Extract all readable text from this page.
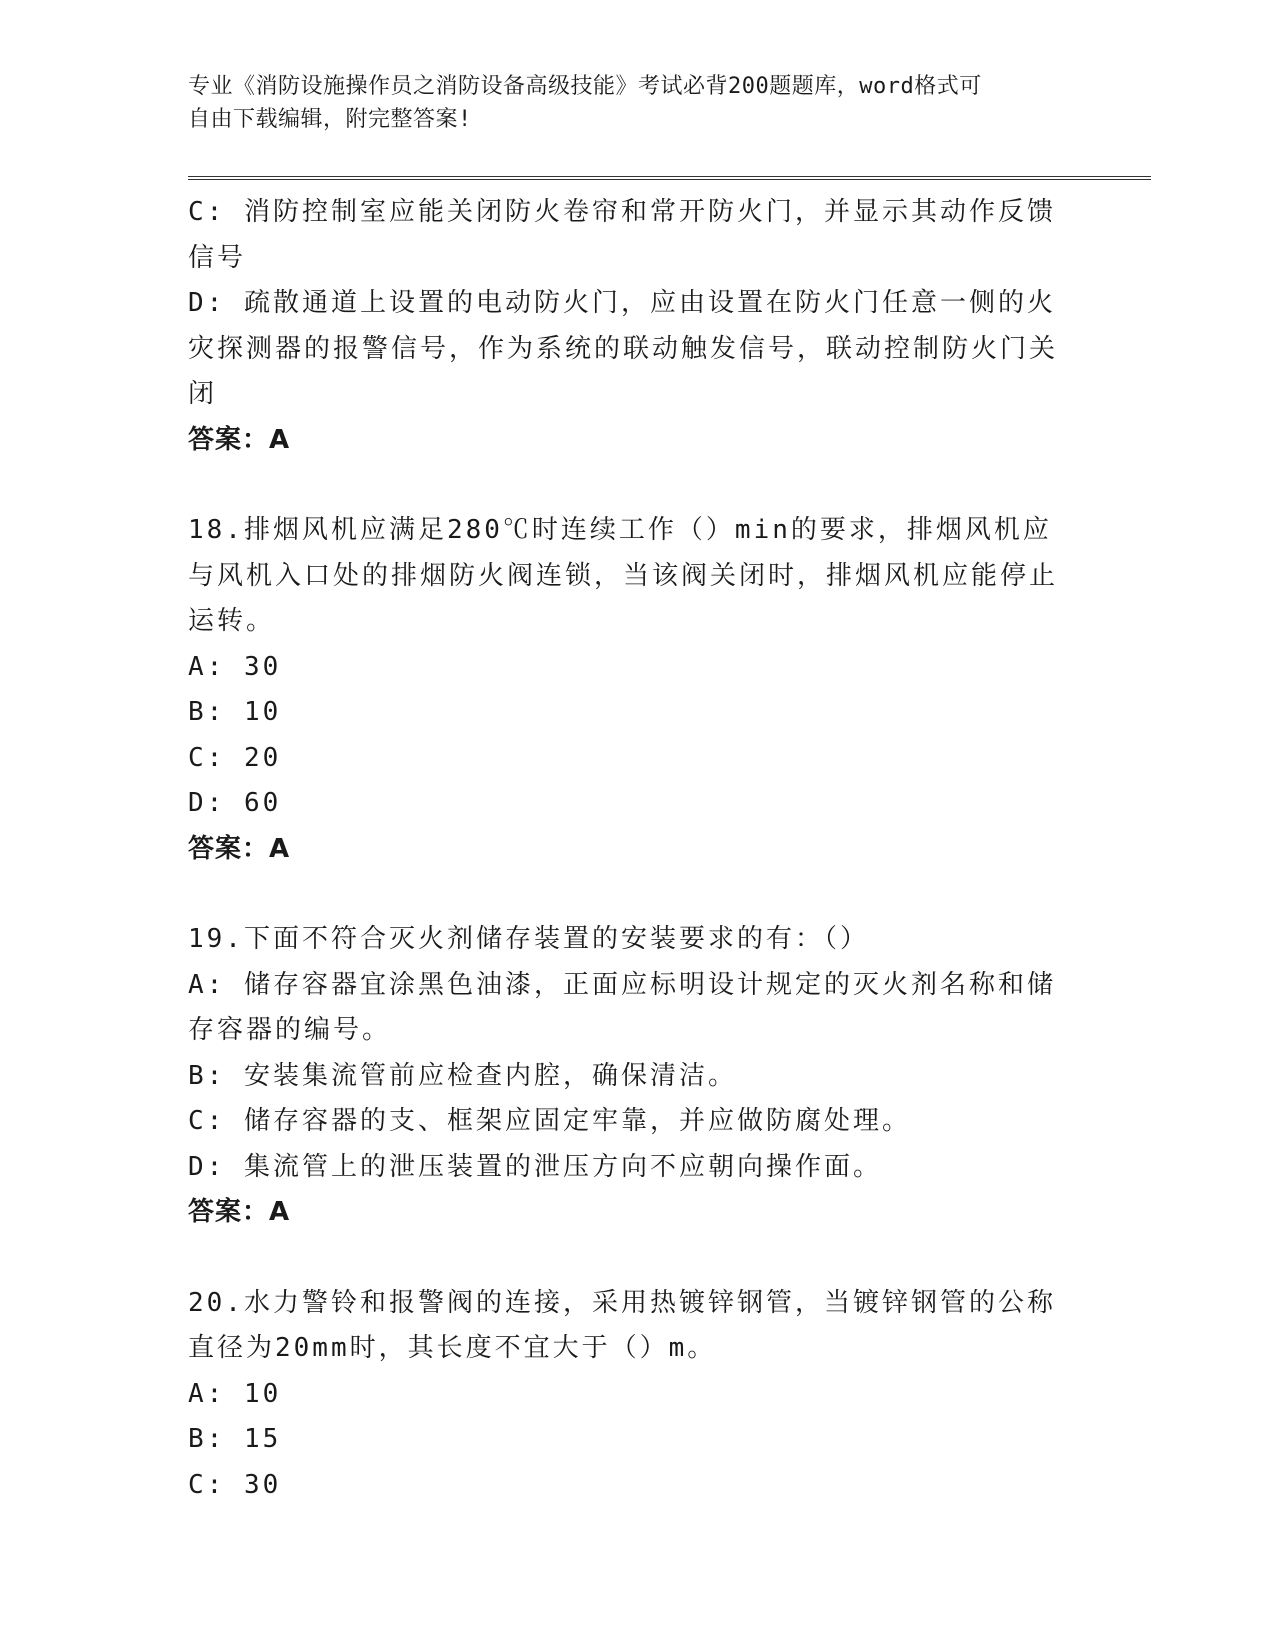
专业《消防设施操作员之消防设备高级技能》考试必背200题题库，word格式可
自由下载编辑，附完整答案!
C: 消防控制室应能关闭防火卷帘和常开防火门，并显示其动作反馈信号
D: 疏散通道上设置的电动防火门，应由设置在防火门任意一侧的火灾探测器的报警信号，作为系统的联动触发信号，联动控制防火门关闭
答案：A
18.排烟风机应满足280℃时连续工作（）min的要求，排烟风机应与风机入口处的排烟防火阀连锁，当该阀关闭时，排烟风机应能停止运转。
A: 30
B: 10
C: 20
D: 60
答案：A
19.下面不符合灭火剂储存装置的安装要求的有：（）
A: 储存容器宜涂黑色油漆，正面应标明设计规定的灭火剂名称和储存容器的编号。
B: 安装集流管前应检查内腔，确保清洁。
C: 储存容器的支、框架应固定牢靠，并应做防腐处理。
D: 集流管上的泄压装置的泄压方向不应朝向操作面。
答案：A
20.水力警铃和报警阀的连接，采用热镀锌钢管，当镀锌钢管的公称直径为20mm时，其长度不宜大于（）m。
A: 10
B: 15
C: 30
